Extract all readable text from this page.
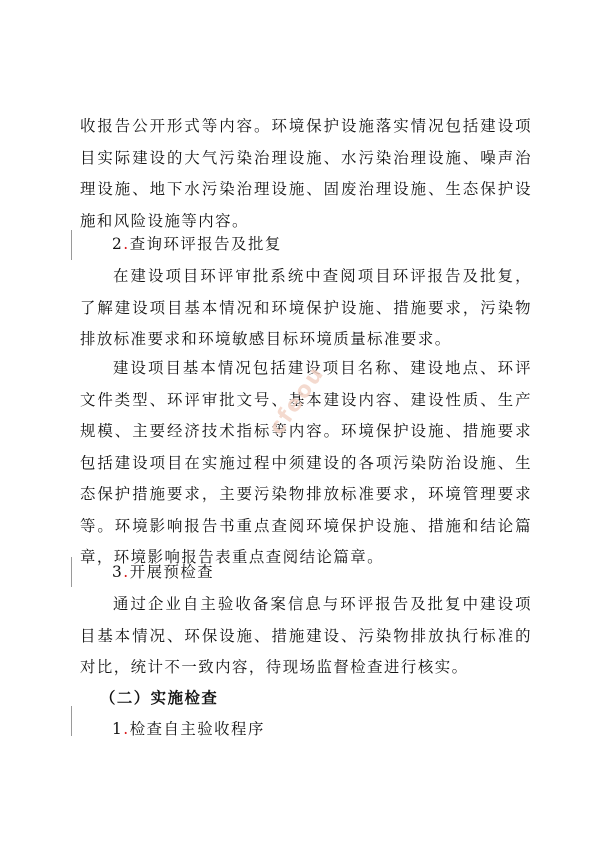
收报告公开形式等内容。环境保护设施落实情况包括建设项目实际建设的大气污染治理设施、水污染治理设施、噪声治理设施、地下水污染治理设施、固废治理设施、生态保护设施和风险设施等内容。

2.查询环评报告及批复

在建设项目环评审批系统中查阅项目环评报告及批复，了解建设项目基本情况和环境保护设施、措施要求，污染物排放标准要求和环境敏感目标环境质量标准要求。

建设项目基本情况包括建设项目名称、建设地点、环评文件类型、环评审批文号、基本建设内容、建设性质、生产规模、主要经济技术指标等内容。环境保护设施、措施要求包括建设项目在实施过程中须建设的各项污染防治设施、生态保护措施要求，主要污染物排放标准要求，环境管理要求等。环境影响报告书重点查阅环境保护设施、措施和结论篇章，环境影响报告表重点查阅结论篇章。

3.开展预检查

通过企业自主验收备案信息与环评报告及批复中建设项目基本情况、环保设施、措施建设、污染物排放执行标准的对比，统计不一致内容，待现场监督检查进行核实。

（二）实施检查

1.检查自主验收程序

cfeou
